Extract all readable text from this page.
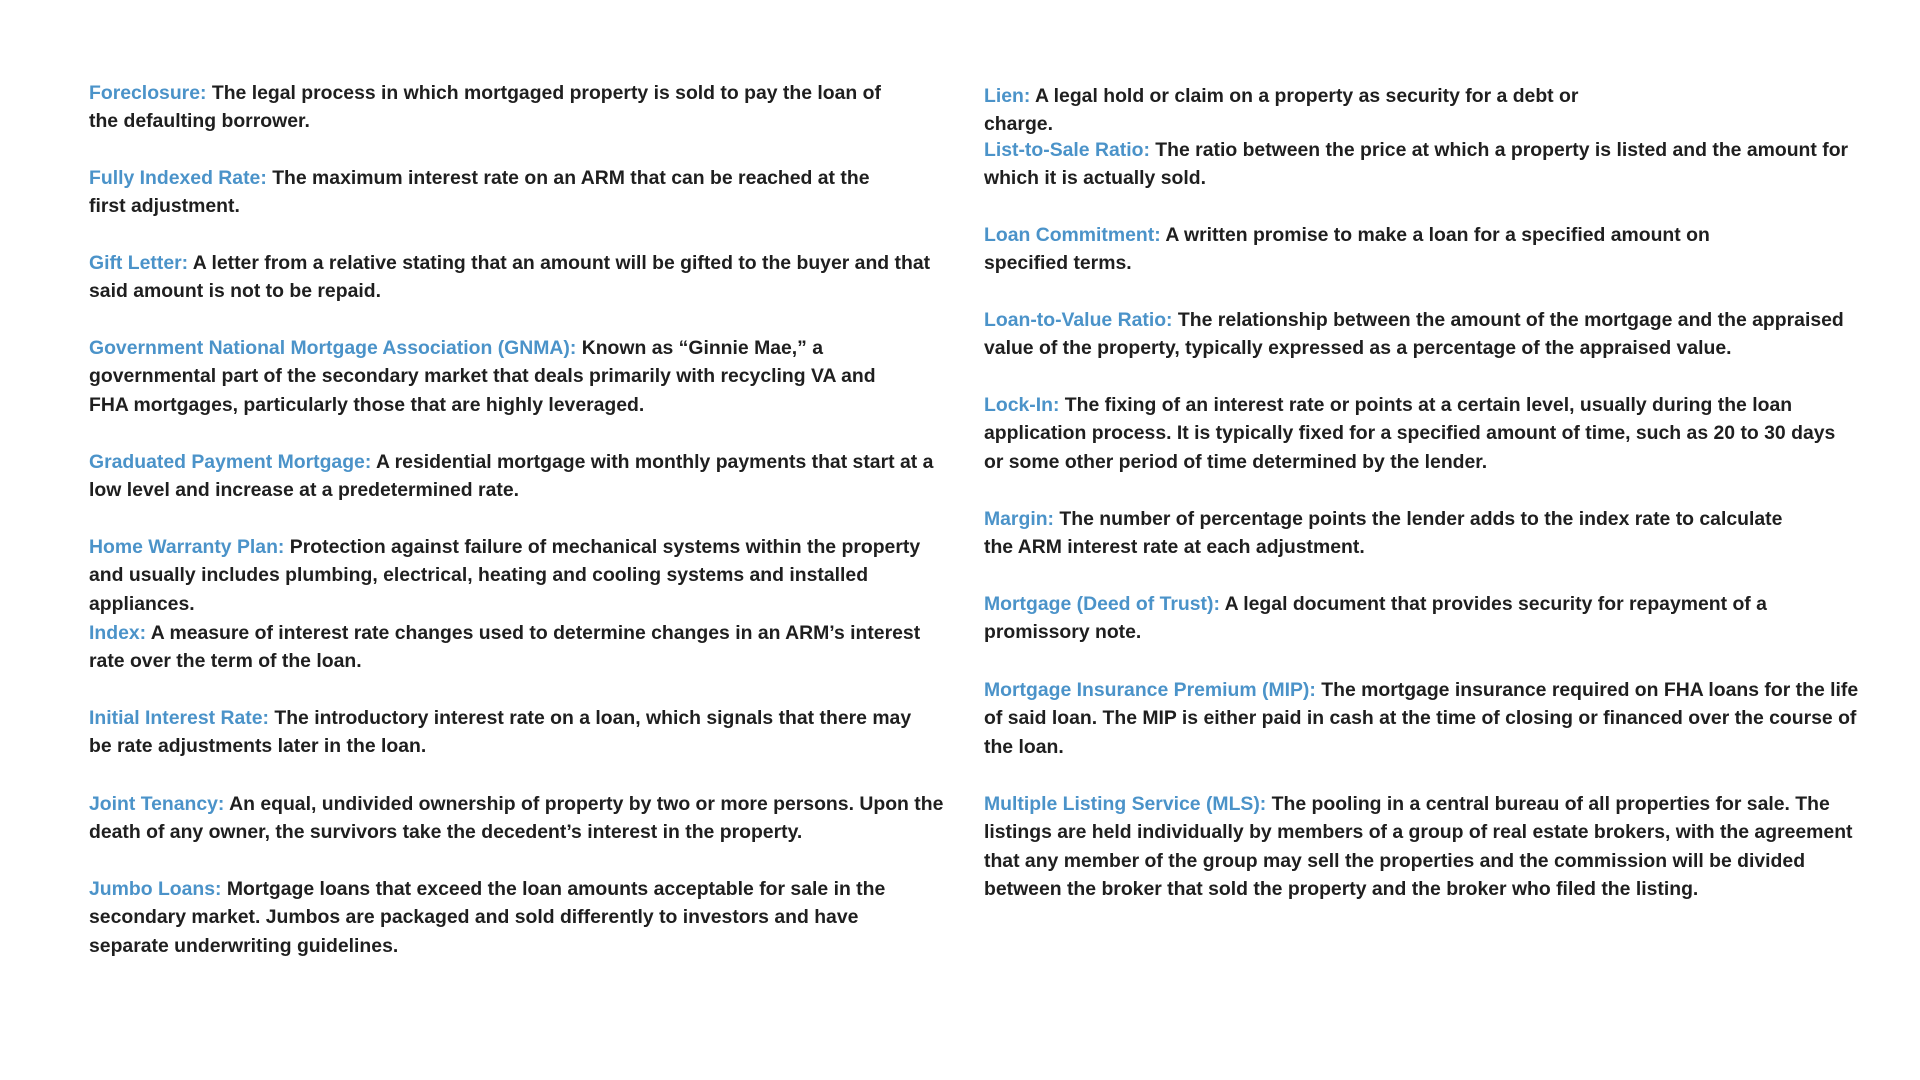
Foreclosure: The legal process in which mortgaged property is sold to pay the loan of the defaulting borrower.
Fully Indexed Rate: The maximum interest rate on an ARM that can be reached at the first adjustment.
Gift Letter: A letter from a relative stating that an amount will be gifted to the buyer and that said amount is not to be repaid.
Government National Mortgage Association (GNMA): Known as “Ginnie Mae,” a governmental part of the secondary market that deals primarily with recycling VA and FHA mortgages, particularly those that are highly leveraged.
Graduated Payment Mortgage: A residential mortgage with monthly payments that start at a low level and increase at a predetermined rate.
Home Warranty Plan: Protection against failure of mechanical systems within the property and usually includes plumbing, electrical, heating and cooling systems and installed appliances.
Index: A measure of interest rate changes used to determine changes in an ARM’s interest rate over the term of the loan.
Initial Interest Rate: The introductory interest rate on a loan, which signals that there may be rate adjustments later in the loan.
Joint Tenancy: An equal, undivided ownership of property by two or more persons. Upon the death of any owner, the survivors take the decedent’s interest in the property.
Jumbo Loans: Mortgage loans that exceed the loan amounts acceptable for sale in the secondary market. Jumbos are packaged and sold differently to investors and have separate underwriting guidelines.
Lien: A legal hold or claim on a property as security for a debt or charge.
List-to-Sale Ratio: The ratio between the price at which a property is listed and the amount for which it is actually sold.
Loan Commitment: A written promise to make a loan for a specified amount on specified terms.
Loan-to-Value Ratio: The relationship between the amount of the mortgage and the appraised value of the property, typically expressed as a percentage of the appraised value.
Lock-In: The fixing of an interest rate or points at a certain level, usually during the loan application process. It is typically fixed for a specified amount of time, such as 20 to 30 days or some other period of time determined by the lender.
Margin: The number of percentage points the lender adds to the index rate to calculate the ARM interest rate at each adjustment.
Mortgage (Deed of Trust): A legal document that provides security for repayment of a promissory note.
Mortgage Insurance Premium (MIP): The mortgage insurance required on FHA loans for the life of said loan. The MIP is either paid in cash at the time of closing or financed over the course of the loan.
Multiple Listing Service (MLS): The pooling in a central bureau of all properties for sale. The listings are held individually by members of a group of real estate brokers, with the agreement that any member of the group may sell the properties and the commission will be divided between the broker that sold the property and the broker who filed the listing.
